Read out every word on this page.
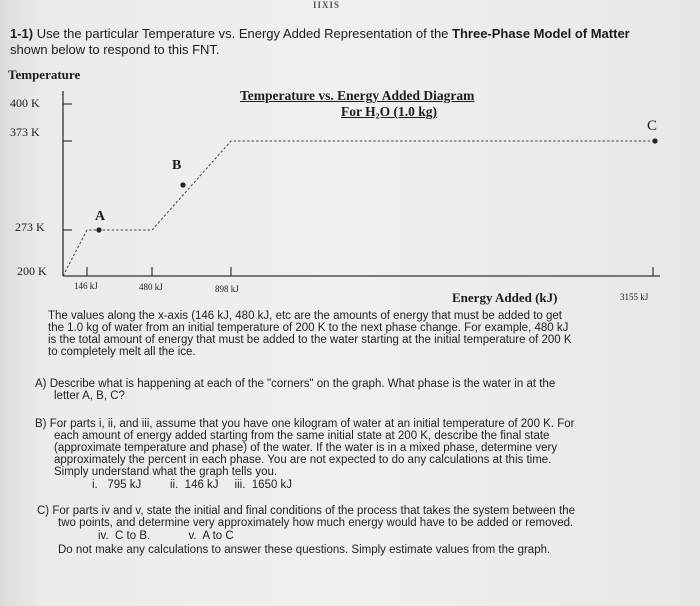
IIXIS
1-1) Use the particular Temperature vs. Energy Added Representation of the Three-Phase Model of Matter shown below to respond to this FNT.
Temperature
400 K
373 K
273 K
200 K
Temperature vs. Energy Added Diagram
For H₂O (1.0 kg)
A
B
C
146 kJ	480 kJ	898 kJ
3155 kJ
Energy Added (kJ)
The values along the x-axis (146 kJ, 480 kJ, etc are the amounts of energy that must be added to get
the 1.0 kg of water from an initial temperature of 200 K to the next phase change. For example, 480 kJ
is the total amount of energy that must be added to the water starting at the initial temperature of 200 K
to completely melt all the ice.
A) Describe what is happening at each of the "corners" on the graph. What phase is the water in at the
letter A, B, C?
B) For parts i, ii, and iii, assume that you have one kilogram of water at an initial temperature of 200 K. For
each amount of energy added starting from the same initial state at 200 K, describe the final state
(approximate temperature and phase) of the water. If the water is in a mixed phase, determine very
approximately the percent in each phase. You are not expected to do any calculations at this time.
Simply understand what the graph tells you.
i.   795 kJ         ii.  146 kJ     iii.  1650 kJ
C) For parts iv and v, state the initial and final conditions of the process that takes the system between the
two points, and determine very approximately how much energy would have to be added or removed.
iv.  C to B.            v.  A to C
Do not make any calculations to answer these questions. Simply estimate values from the graph.
